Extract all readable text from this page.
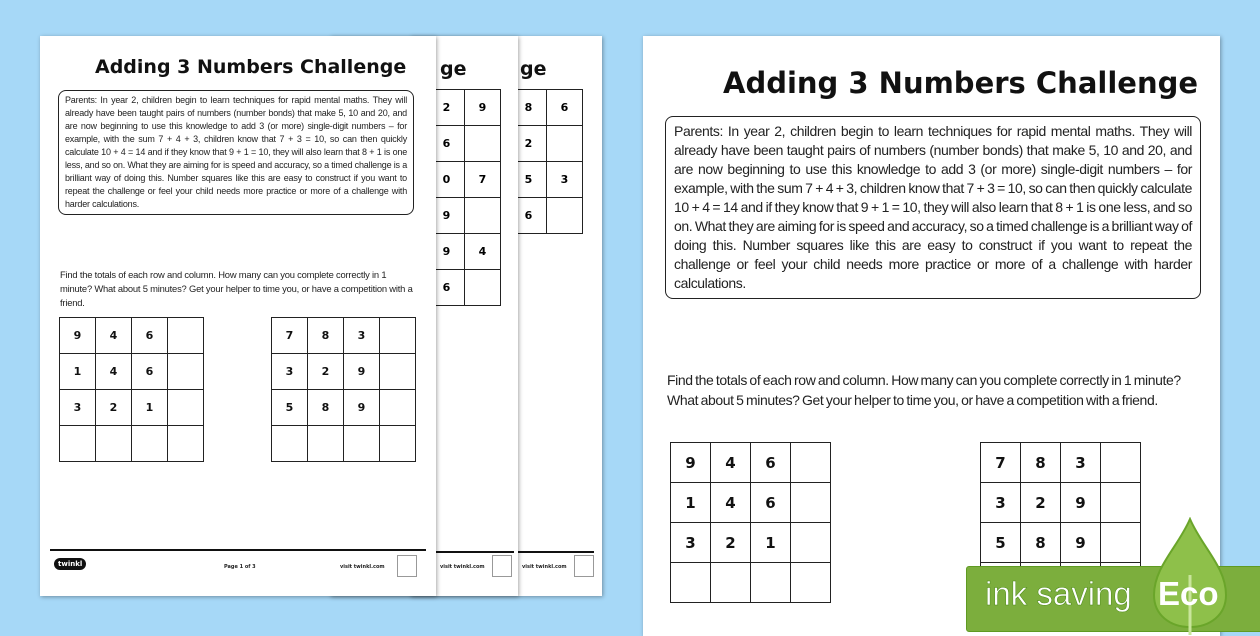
ge
8	6
2
5	3
6
visit twinkl.com
ge
2	9
6
0	7
9
9	4
6
visit twinkl.com
Adding 3 Numbers Challenge
Parents: In year 2, children begin to learn techniques for rapid mental maths. They will already have been taught pairs of numbers (number bonds) that make 5, 10 and 20, and are now beginning to use this knowledge to add 3 (or more) single-digit numbers – for example, with the sum 7 + 4 + 3, children know that 7 + 3 = 10, so can then quickly calculate 10 + 4 = 14 and if they know that 9 + 1 = 10, they will also learn that 8 + 1 is one less, and so on. What they are aiming for is speed and accuracy, so a timed challenge is a brilliant way of doing this. Number squares like this are easy to construct if you want to repeat the challenge or feel your child needs more practice or more of a challenge with harder calculations.
Find the totals of each row and column. How many can you complete correctly in 1 minute? What about 5 minutes? Get your helper to time you, or have a competition with a friend.
9	4	6
1	4	6
3	2	1
7	8	3
3	2	9
5	8	9
twinkl	Page 1 of 3	visit twinkl.com
Adding 3 Numbers Challenge
Parents: In year 2, children begin to learn techniques for rapid mental maths. They will already have been taught pairs of numbers (number bonds) that make 5, 10 and 20, and are now beginning to use this knowledge to add 3 (or more) single-digit numbers – for example, with the sum 7 + 4 + 3, children know that 7 + 3 = 10, so can then quickly calculate 10 + 4 = 14 and if they know that 9 + 1 = 10, they will also learn that 8 + 1 is one less, and so on. What they are aiming for is speed and accuracy, so a timed challenge is a brilliant way of doing this. Number squares like this are easy to construct if you want to repeat the challenge or feel your child needs more practice or more of a challenge with harder calculations.
Find the totals of each row and column. How many can you complete correctly in 1 minute? What about 5 minutes? Get your helper to time you, or have a competition with a friend.
9	4	6
1	4	6
3	2	1
7	8	3
3	2	9
5	8	9
ink saving Eco
